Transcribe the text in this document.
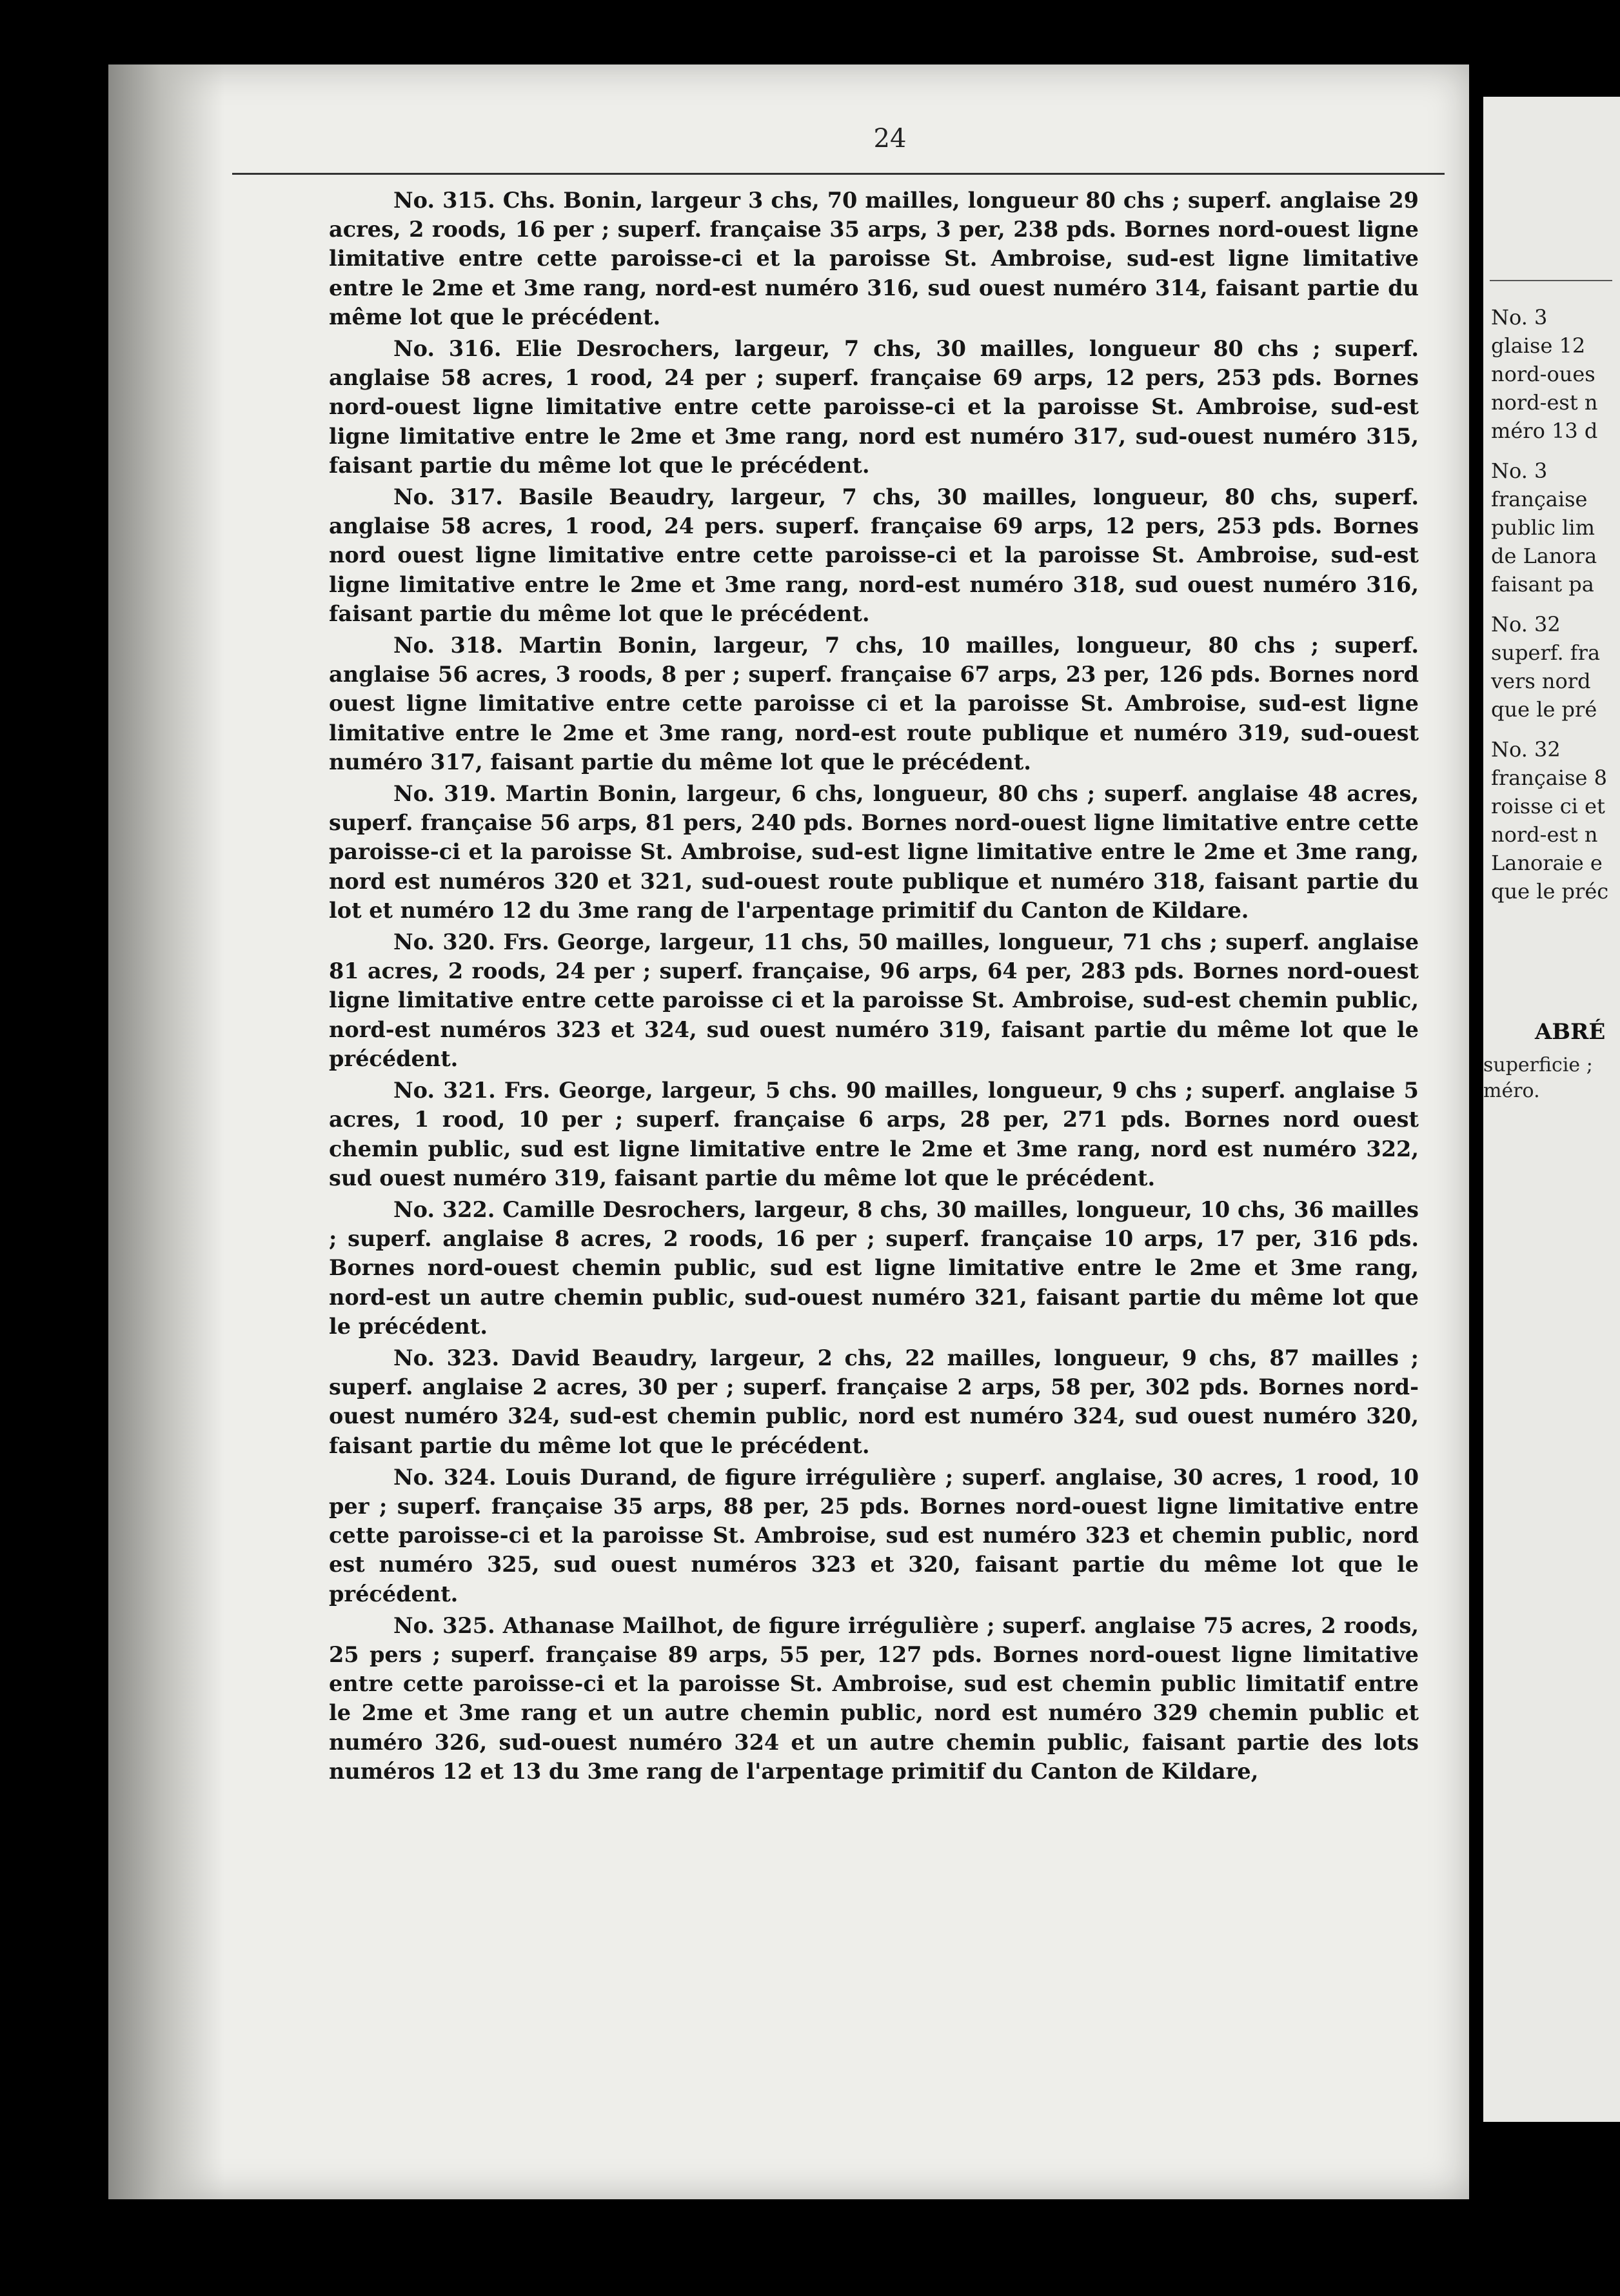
24

No. 315. Chs. Bonin, largeur 3 chs, 70 mailles, longueur 80 chs ; superf. anglaise 29 acres, 2 roods, 16 per ; superf. française 35 arps, 3 per, 238 pds. Bornes nord-ouest ligne limitative entre cette paroisse-ci et la paroisse St. Ambroise, sud-est ligne limitative entre le 2me et 3me rang, nord-est numéro 316, sud ouest numéro 314, faisant partie du même lot que le précédent.

No. 316. Elie Desrochers, largeur, 7 chs, 30 mailles, longueur 80 chs ; superf. anglaise 58 acres, 1 rood, 24 per ; superf. française 69 arps, 12 pers, 253 pds. Bornes nord-ouest ligne limitative entre cette paroisse-ci et la paroisse St. Ambroise, sud-est ligne limitative entre le 2me et 3me rang, nord est numéro 317, sud-ouest numéro 315, faisant partie du même lot que le précédent.

No. 317. Basile Beaudry, largeur, 7 chs, 30 mailles, longueur, 80 chs, superf. anglaise 58 acres, 1 rood, 24 pers. superf. française 69 arps, 12 pers, 253 pds. Bornes nord ouest ligne limitative entre cette paroisse-ci et la paroisse St. Ambroise, sud-est ligne limitative entre le 2me et 3me rang, nord-est numéro 318, sud ouest numéro 316, faisant partie du même lot que le précédent.

No. 318. Martin Bonin, largeur, 7 chs, 10 mailles, longueur, 80 chs ; superf. anglaise 56 acres, 3 roods, 8 per ; superf. française 67 arps, 23 per, 126 pds. Bornes nord ouest ligne limitative entre cette paroisse ci et la paroisse St. Ambroise, sud-est ligne limitative entre le 2me et 3me rang, nord-est route publique et numéro 319, sud-ouest numéro 317, faisant partie du même lot que le précédent.

No. 319. Martin Bonin, largeur, 6 chs, longueur, 80 chs ; superf. anglaise 48 acres, superf. française 56 arps, 81 pers, 240 pds. Bornes nord-ouest ligne limitative entre cette paroisse-ci et la paroisse St. Ambroise, sud-est ligne limitative entre le 2me et 3me rang, nord est numéros 320 et 321, sud-ouest route publique et numéro 318, faisant partie du lot et numéro 12 du 3me rang de l'arpentage primitif du Canton de Kildare.

No. 320. Frs. George, largeur, 11 chs, 50 mailles, longueur, 71 chs ; superf. anglaise 81 acres, 2 roods, 24 per ; superf. française, 96 arps, 64 per, 283 pds. Bornes nord-ouest ligne limitative entre cette paroisse ci et la paroisse St. Ambroise, sud-est chemin public, nord-est numéros 323 et 324, sud ouest numéro 319, faisant partie du même lot que le précédent.

No. 321. Frs. George, largeur, 5 chs. 90 mailles, longueur, 9 chs ; superf. anglaise 5 acres, 1 rood, 10 per ; superf. française 6 arps, 28 per, 271 pds. Bornes nord ouest chemin public, sud est ligne limitative entre le 2me et 3me rang, nord est numéro 322, sud ouest numéro 319, faisant partie du même lot que le précédent.

No. 322. Camille Desrochers, largeur, 8 chs, 30 mailles, longueur, 10 chs, 36 mailles ; superf. anglaise 8 acres, 2 roods, 16 per ; superf. française 10 arps, 17 per, 316 pds. Bornes nord-ouest chemin public, sud est ligne limitative entre le 2me et 3me rang, nord-est un autre chemin public, sud-ouest numéro 321, faisant partie du même lot que le précédent.

No. 323. David Beaudry, largeur, 2 chs, 22 mailles, longueur, 9 chs, 87 mailles ; superf. anglaise 2 acres, 30 per ; superf. française 2 arps, 58 per, 302 pds. Bornes nord-ouest numéro 324, sud-est chemin public, nord est numéro 324, sud ouest numéro 320, faisant partie du même lot que le précédent.

No. 324. Louis Durand, de figure irrégulière ; superf. anglaise, 30 acres, 1 rood, 10 per ; superf. française 35 arps, 88 per, 25 pds. Bornes nord-ouest ligne limitative entre cette paroisse-ci et la paroisse St. Ambroise, sud est numéro 323 et chemin public, nord est numéro 325, sud ouest numéros 323 et 320, faisant partie du même lot que le précédent.

No. 325. Athanase Mailhot, de figure irrégulière ; superf. anglaise 75 acres, 2 roods, 25 pers ; superf. française 89 arps, 55 per, 127 pds. Bornes nord-ouest ligne limitative entre cette paroisse-ci et la paroisse St. Ambroise, sud est chemin public limitatif entre le 2me et 3me rang et un autre chemin public, nord est numéro 329 chemin public et numéro 326, sud-ouest numéro 324 et un autre chemin public, faisant partie des lots numéros 12 et 13 du 3me rang de l'arpentage primitif du Canton de Kildare,

No. 3
glaise 12
nord-oues
nord-est n
méro 13 d
No. 3
française
public lim
de Lanora
faisant pa
No. 32
superf. fra
vers nord
que le pré
No. 32
française 8
roisse ci et
nord-est n
Lanoraie e
que le préc
ABRÉ
superficie ;
méro.
